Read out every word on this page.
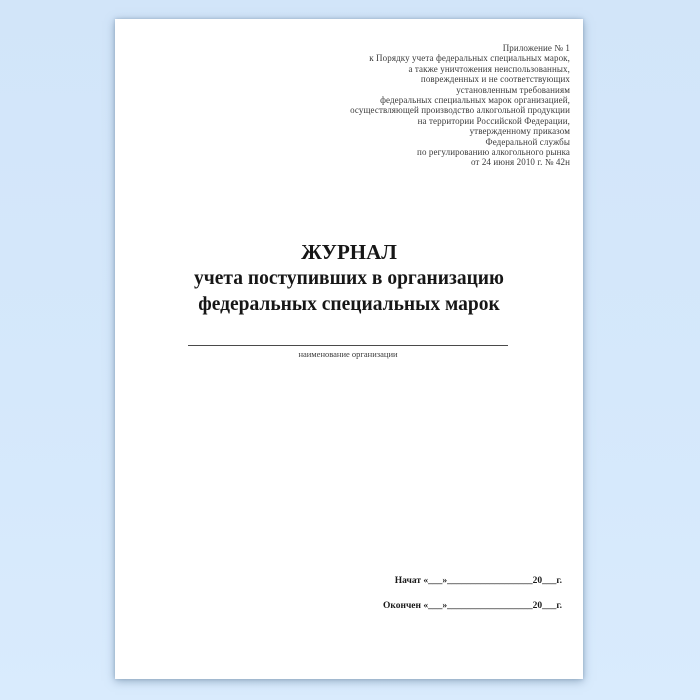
Приложение № 1
к Порядку учета федеральных специальных марок,
а также уничтожения неиспользованных,
поврежденных и не соответствующих
установленным требованиям
федеральных специальных марок организацией,
осуществляющей производство алкогольной продукции
на территории Российской Федерации,
утвержденному приказом
Федеральной службы
по регулированию алкогольного рынка
от 24 июня 2010 г. № 42н
ЖУРНАЛ
учета поступивших в организацию
федеральных специальных марок
наименование организации
Начат «___»__________________20___г.
Окончен «___»__________________20___г.
